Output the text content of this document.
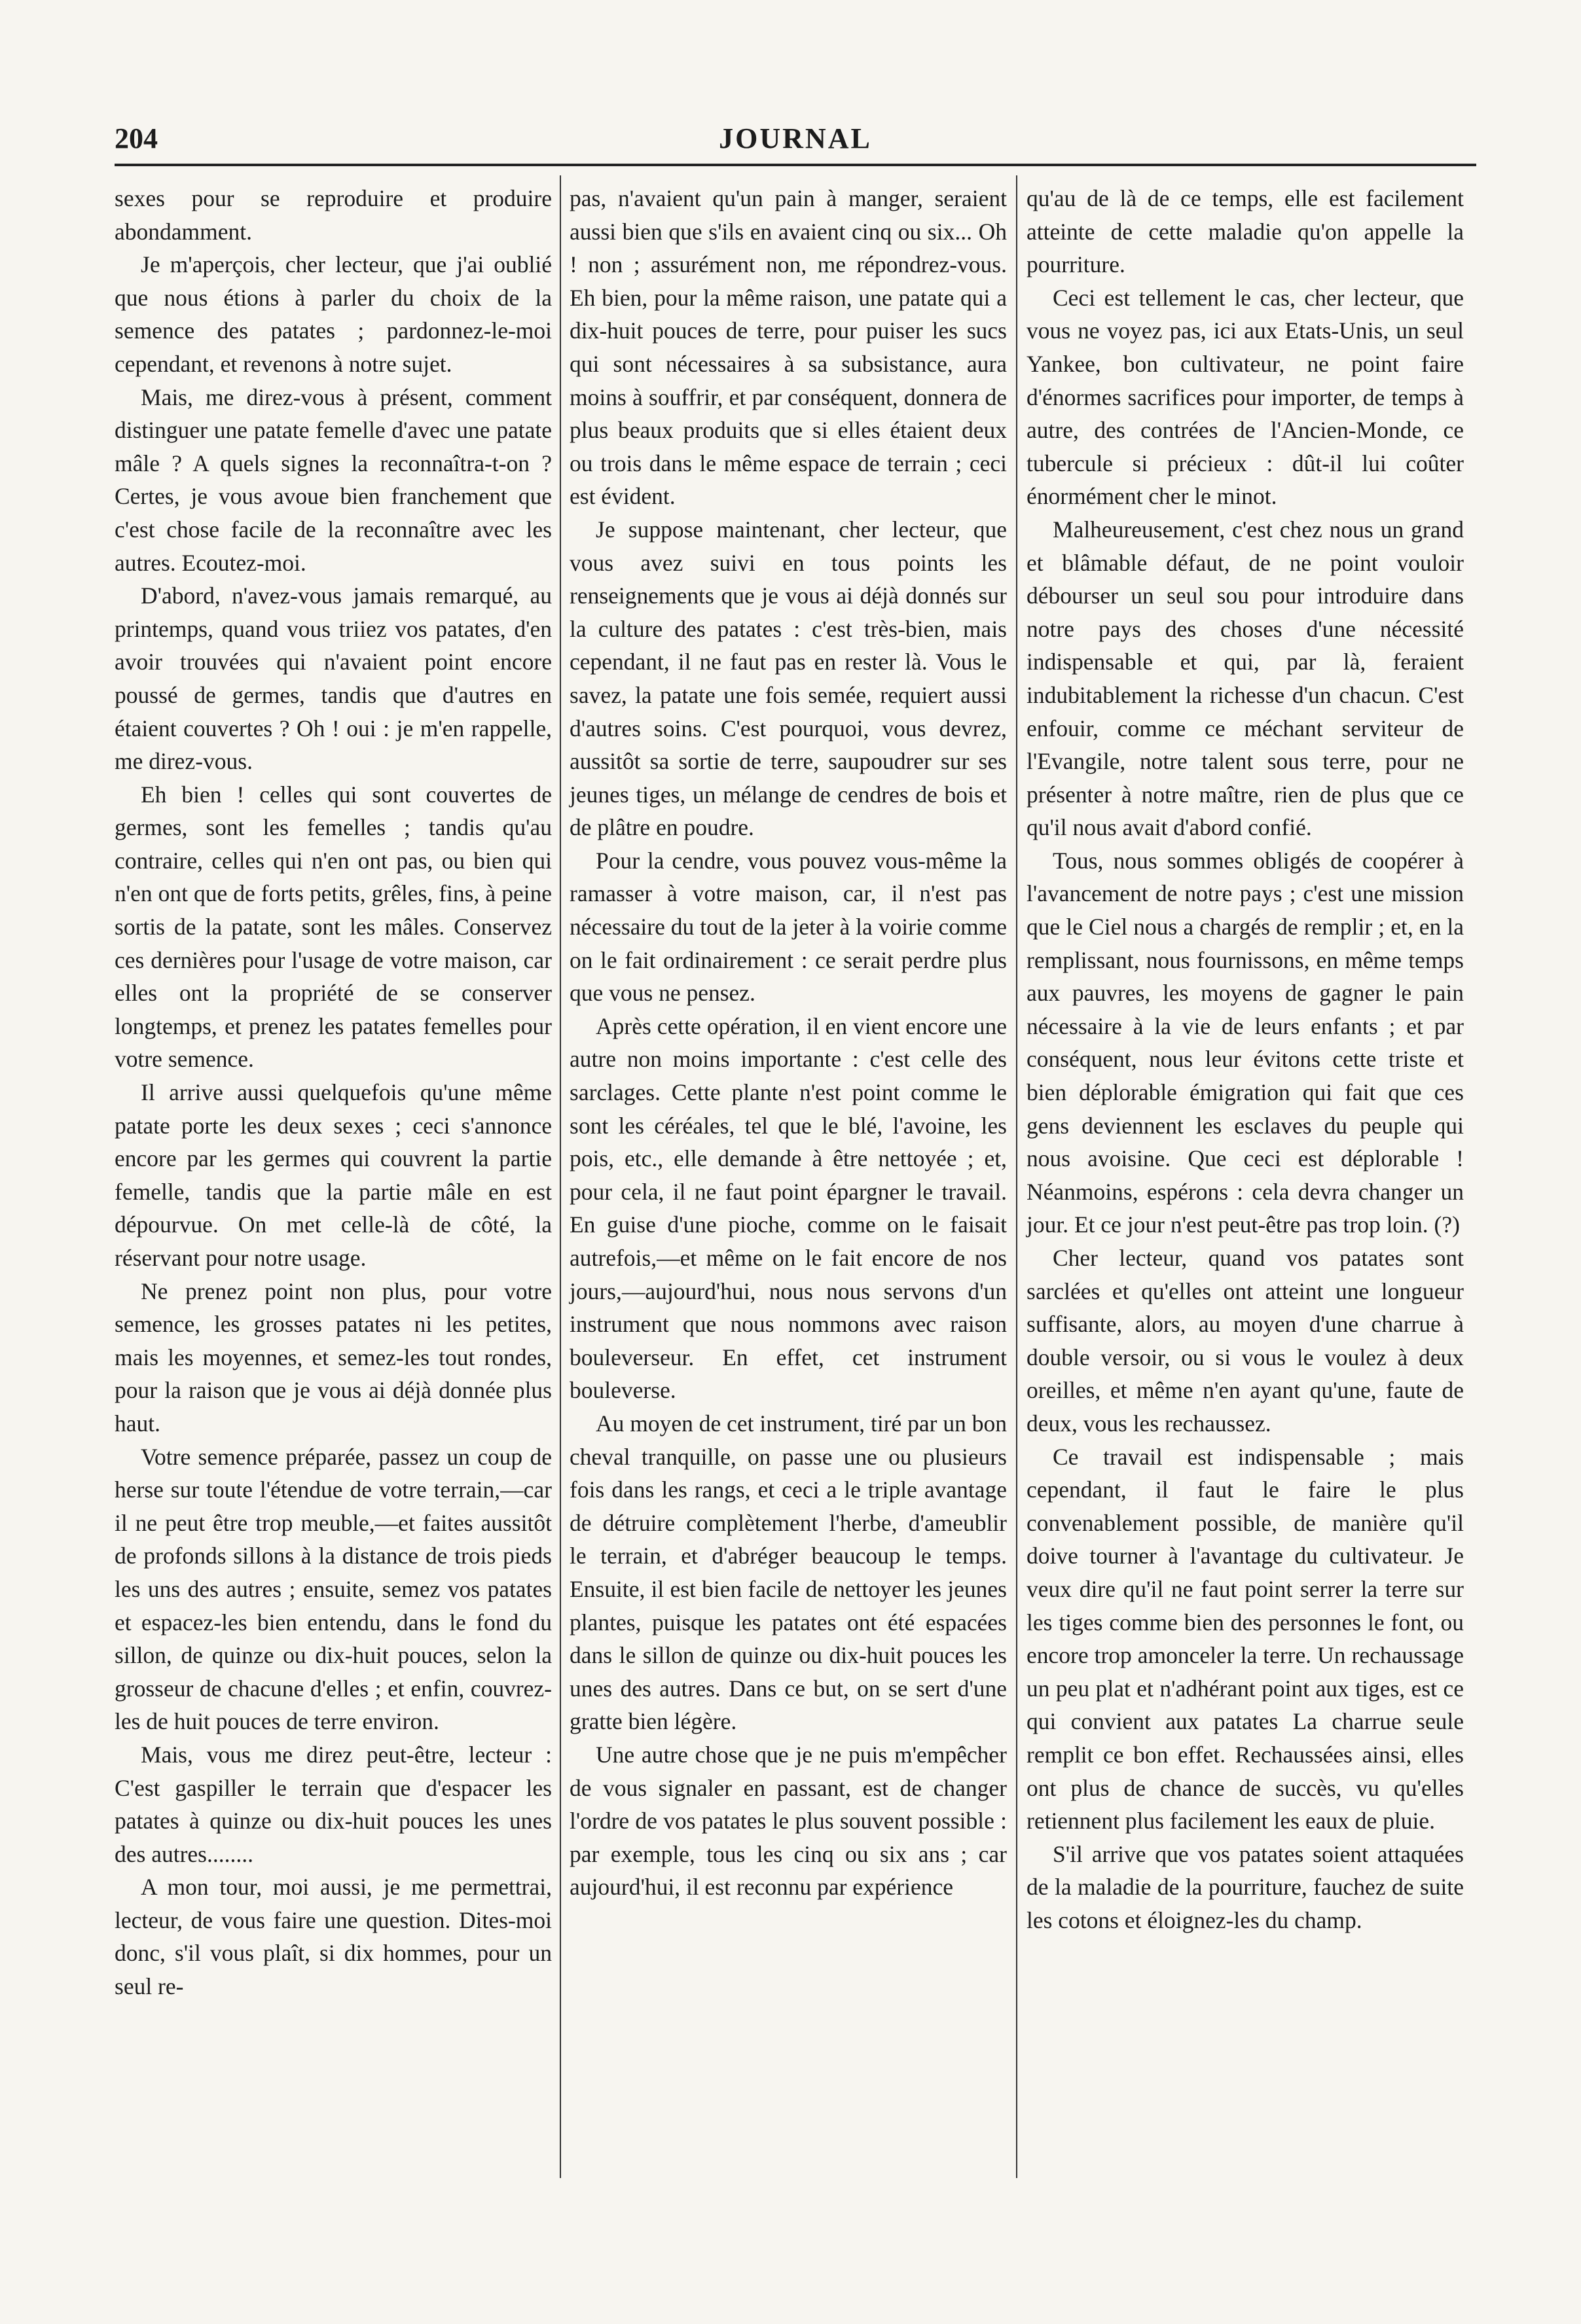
204	JOURNAL

sexes pour se reproduire et produire abondamment.

Je m'aperçois, cher lecteur, que j'ai oublié que nous étions à parler du choix de la semence des patates ; pardonnez-le-moi cependant, et revenons à notre sujet.

Mais, me direz-vous à présent, comment distinguer une patate femelle d'avec une patate mâle ? A quels signes la reconnaîtra-t-on ? Certes, je vous avoue bien franchement que c'est chose facile de la reconnaître avec les autres. Ecoutez-moi.

D'abord, n'avez-vous jamais remarqué, au printemps, quand vous triiez vos patates, d'en avoir trouvées qui n'avaient point encore poussé de germes, tandis que d'autres en étaient couvertes ? Oh ! oui : je m'en rappelle, me direz-vous.

Eh bien ! celles qui sont couvertes de germes, sont les femelles ; tandis qu'au contraire, celles qui n'en ont pas, ou bien qui n'en ont que de forts petits, grêles, fins, à peine sortis de la patate, sont les mâles. Conservez ces dernières pour l'usage de votre maison, car elles ont la propriété de se conserver longtemps, et prenez les patates femelles pour votre semence.

Il arrive aussi quelquefois qu'une même patate porte les deux sexes ; ceci s'annonce encore par les germes qui couvrent la partie femelle, tandis que la partie mâle en est dépourvue. On met celle-là de côté, la réservant pour notre usage.

Ne prenez point non plus, pour votre semence, les grosses patates ni les petites, mais les moyennes, et semez-les tout rondes, pour la raison que je vous ai déjà donnée plus haut.

Votre semence préparée, passez un coup de herse sur toute l'étendue de votre terrain,—car il ne peut être trop meuble,—et faites aussitôt de profonds sillons à la distance de trois pieds les uns des autres ; ensuite, semez vos patates et espacez-les bien entendu, dans le fond du sillon, de quinze ou dix-huit pouces, selon la grosseur de chacune d'elles ; et enfin, couvrez-les de huit pouces de terre environ.

Mais, vous me direz peut-être, lecteur : C'est gaspiller le terrain que d'espacer les patates à quinze ou dix-huit pouces les unes des autres........

A mon tour, moi aussi, je me permettrai, lecteur, de vous faire une question. Dites-moi donc, s'il vous plaît, si dix hommes, pour un seul re-

pas, n'avaient qu'un pain à manger, seraient aussi bien que s'ils en avaient cinq ou six... Oh ! non ; assurément non, me répondrez-vous. Eh bien, pour la même raison, une patate qui a dix-huit pouces de terre, pour puiser les sucs qui sont nécessaires à sa subsistance, aura moins à souffrir, et par conséquent, donnera de plus beaux produits que si elles étaient deux ou trois dans le même espace de terrain ; ceci est évident.

Je suppose maintenant, cher lecteur, que vous avez suivi en tous points les renseignements que je vous ai déjà donnés sur la culture des patates : c'est très-bien, mais cependant, il ne faut pas en rester là. Vous le savez, la patate une fois semée, requiert aussi d'autres soins. C'est pourquoi, vous devrez, aussitôt sa sortie de terre, saupoudrer sur ses jeunes tiges, un mélange de cendres de bois et de plâtre en poudre.

Pour la cendre, vous pouvez vous-même la ramasser à votre maison, car, il n'est pas nécessaire du tout de la jeter à la voirie comme on le fait ordinairement : ce serait perdre plus que vous ne pensez.

Après cette opération, il en vient encore une autre non moins importante : c'est celle des sarclages. Cette plante n'est point comme le sont les céréales, tel que le blé, l'avoine, les pois, etc., elle demande à être nettoyée ; et, pour cela, il ne faut point épargner le travail. En guise d'une pioche, comme on le faisait autrefois,—et même on le fait encore de nos jours,—aujourd'hui, nous nous servons d'un instrument que nous nommons avec raison bouleverseur. En effet, cet instrument bouleverse.

Au moyen de cet instrument, tiré par un bon cheval tranquille, on passe une ou plusieurs fois dans les rangs, et ceci a le triple avantage de détruire complètement l'herbe, d'ameublir le terrain, et d'abréger beaucoup le temps. Ensuite, il est bien facile de nettoyer les jeunes plantes, puisque les patates ont été espacées dans le sillon de quinze ou dix-huit pouces les unes des autres. Dans ce but, on se sert d'une gratte bien légère.

Une autre chose que je ne puis m'empêcher de vous signaler en passant, est de changer l'ordre de vos patates le plus souvent possible : par exemple, tous les cinq ou six ans ; car aujourd'hui, il est reconnu par expérience

qu'au de là de ce temps, elle est facilement atteinte de cette maladie qu'on appelle la pourriture.

Ceci est tellement le cas, cher lecteur, que vous ne voyez pas, ici aux Etats-Unis, un seul Yankee, bon cultivateur, ne point faire d'énormes sacrifices pour importer, de temps à autre, des contrées de l'Ancien-Monde, ce tubercule si précieux : dût-il lui coûter énormément cher le minot.

Malheureusement, c'est chez nous un grand et blâmable défaut, de ne point vouloir débourser un seul sou pour introduire dans notre pays des choses d'une nécessité indispensable et qui, par là, feraient indubitablement la richesse d'un chacun. C'est enfouir, comme ce méchant serviteur de l'Evangile, notre talent sous terre, pour ne présenter à notre maître, rien de plus que ce qu'il nous avait d'abord confié.

Tous, nous sommes obligés de coopérer à l'avancement de notre pays ; c'est une mission que le Ciel nous a chargés de remplir ; et, en la remplissant, nous fournissons, en même temps aux pauvres, les moyens de gagner le pain nécessaire à la vie de leurs enfants ; et par conséquent, nous leur évitons cette triste et bien déplorable émigration qui fait que ces gens deviennent les esclaves du peuple qui nous avoisine. Que ceci est déplorable ! Néanmoins, espérons : cela devra changer un jour. Et ce jour n'est peut-être pas trop loin. (?)

Cher lecteur, quand vos patates sont sarclées et qu'elles ont atteint une longueur suffisante, alors, au moyen d'une charrue à double versoir, ou si vous le voulez à deux oreilles, et même n'en ayant qu'une, faute de deux, vous les rechaussez.

Ce travail est indispensable ; mais cependant, il faut le faire le plus convenablement possible, de manière qu'il doive tourner à l'avantage du cultivateur. Je veux dire qu'il ne faut point serrer la terre sur les tiges comme bien des personnes le font, ou encore trop amonceler la terre. Un rechaussage un peu plat et n'adhérant point aux tiges, est ce qui convient aux patates La charrue seule remplit ce bon effet. Rechaussées ainsi, elles ont plus de chance de succès, vu qu'elles retiennent plus facilement les eaux de pluie.

S'il arrive que vos patates soient attaquées de la maladie de la pourriture, fauchez de suite les cotons et éloignez-les du champ.
